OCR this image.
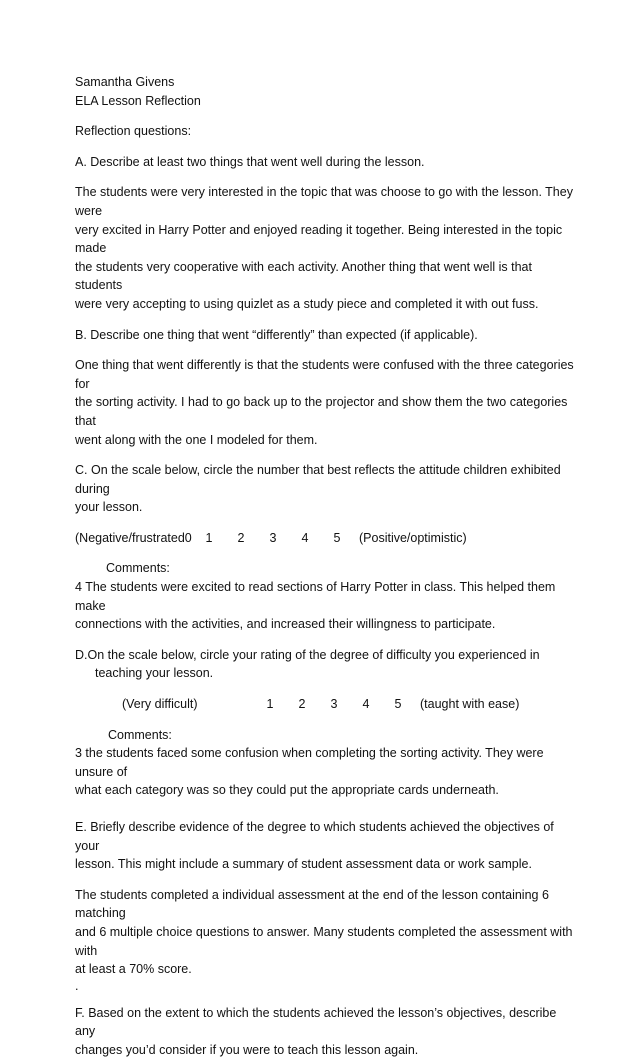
Samantha Givens

ELA Lesson Reflection

Reflection questions:

A. Describe at least two things that went well during the lesson.

The students were very interested in the topic that was choose to go with the lesson. They were

very excited in Harry Potter and enjoyed reading it together. Being interested in the topic made

the students very cooperative with each activity. Another thing that went well is that students

were very accepting to using quizlet as a study piece and completed it with out fuss.

B. Describe one thing that went “differently” than expected (if applicable).

One thing that went differently is that the students were confused with the three categories for

the sorting activity. I had to go back up to the projector and show them the two categories that

went along with the one I modeled for them.

C. On the scale below, circle the number that best reflects the attitude children exhibited during

your lesson.

(Negative/frustrated0	1	2	3	4	5	(Positive/optimistic)

Comments:

4 The students were excited to read sections of Harry Potter in class. This helped them make

connections with the activities, and increased their willingness to participate.

D.On the scale below, circle your rating of the degree of difficulty you experienced in

teaching your lesson.

(Very difficult)	1	2	3	4	5	(taught with ease)

Comments:

3 the students faced some confusion when completing the sorting activity. They were unsure of

what each category was so they could put the appropriate cards underneath.

E. Briefly describe evidence of the degree to which students achieved the objectives of your

lesson. This might include a summary of student assessment data or work sample.

The students completed a individual assessment at the end of the lesson containing 6 matching

and 6 multiple choice questions to answer. Many students completed the assessment with with

at least a 70% score.

.

F. Based on the extent to which the students achieved the lesson’s objectives, describe any

changes you’d consider if you were to teach this lesson again.
